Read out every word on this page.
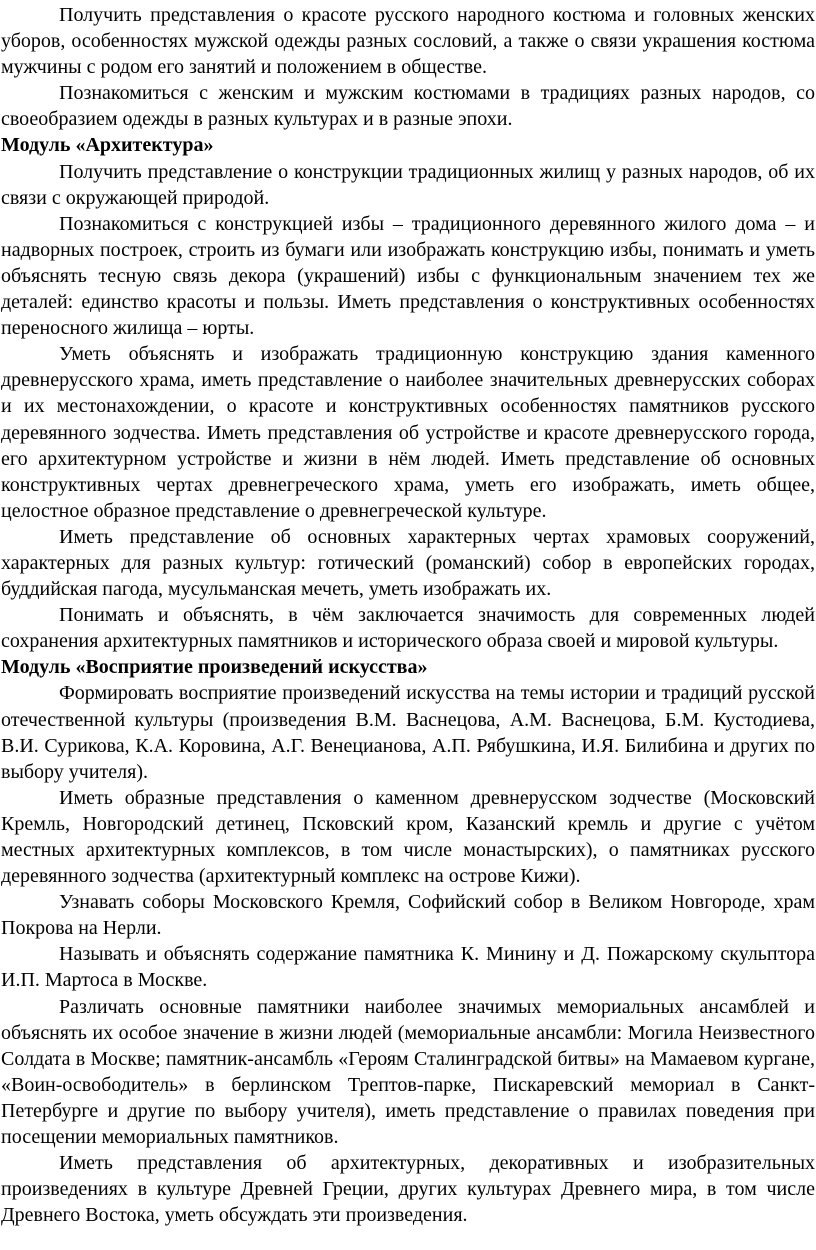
Получить представления о красоте русского народного костюма и головных женских уборов, особенностях мужской одежды разных сословий, а также о связи украшения костюма мужчины с родом его занятий и положением в обществе.

Познакомиться с женским и мужским костюмами в традициях разных народов, со своеобразием одежды в разных культурах и в разные эпохи.

Модуль «Архитектура»

Получить представление о конструкции традиционных жилищ у разных народов, об их связи с окружающей природой.

Познакомиться с конструкцией избы – традиционного деревянного жилого дома – и надворных построек, строить из бумаги или изображать конструкцию избы, понимать и уметь объяснять тесную связь декора (украшений) избы с функциональным значением тех же деталей: единство красоты и пользы. Иметь представления о конструктивных особенностях переносного жилища – юрты.

Уметь объяснять и изображать традиционную конструкцию здания каменного древнерусского храма, иметь представление о наиболее значительных древнерусских соборах и их местонахождении, о красоте и конструктивных особенностях памятников русского деревянного зодчества. Иметь представления об устройстве и красоте древнерусского города, его архитектурном устройстве и жизни в нём людей. Иметь представление об основных конструктивных чертах древнегреческого храма, уметь его изображать, иметь общее, целостное образное представление о древнегреческой культуре.

Иметь представление об основных характерных чертах храмовых сооружений, характерных для разных культур: готический (романский) собор в европейских городах, буддийская пагода, мусульманская мечеть, уметь изображать их.

Понимать и объяснять, в чём заключается значимость для современных людей сохранения архитектурных памятников и исторического образа своей и мировой культуры.

Модуль «Восприятие произведений искусства»

Формировать восприятие произведений искусства на темы истории и традиций русской отечественной культуры (произведения В.М. Васнецова, А.М. Васнецова, Б.М. Кустодиева, В.И. Сурикова, К.А. Коровина, А.Г. Венецианова, А.П. Рябушкина, И.Я. Билибина и других по выбору учителя).

Иметь образные представления о каменном древнерусском зодчестве (Московский Кремль, Новгородский детинец, Псковский кром, Казанский кремль и другие с учётом местных архитектурных комплексов, в том числе монастырских), о памятниках русского деревянного зодчества (архитектурный комплекс на острове Кижи).

Узнавать соборы Московского Кремля, Софийский собор в Великом Новгороде, храм Покрова на Нерли.

Называть и объяснять содержание памятника К. Минину и Д. Пожарскому скульптора И.П. Мартоса в Москве.

Различать основные памятники наиболее значимых мемориальных ансамблей и объяснять их особое значение в жизни людей (мемориальные ансамбли: Могила Неизвестного Солдата в Москве; памятник-ансамбль «Героям Сталинградской битвы» на Мамаевом кургане, «Воин-освободитель» в берлинском Трептов-парке, Пискаревский мемориал в Санкт-Петербурге и другие по выбору учителя), иметь представление о правилах поведения при посещении мемориальных памятников.

Иметь представления об архитектурных, декоративных и изобразительных произведениях в культуре Древней Греции, других культурах Древнего мира, в том числе Древнего Востока, уметь обсуждать эти произведения.
